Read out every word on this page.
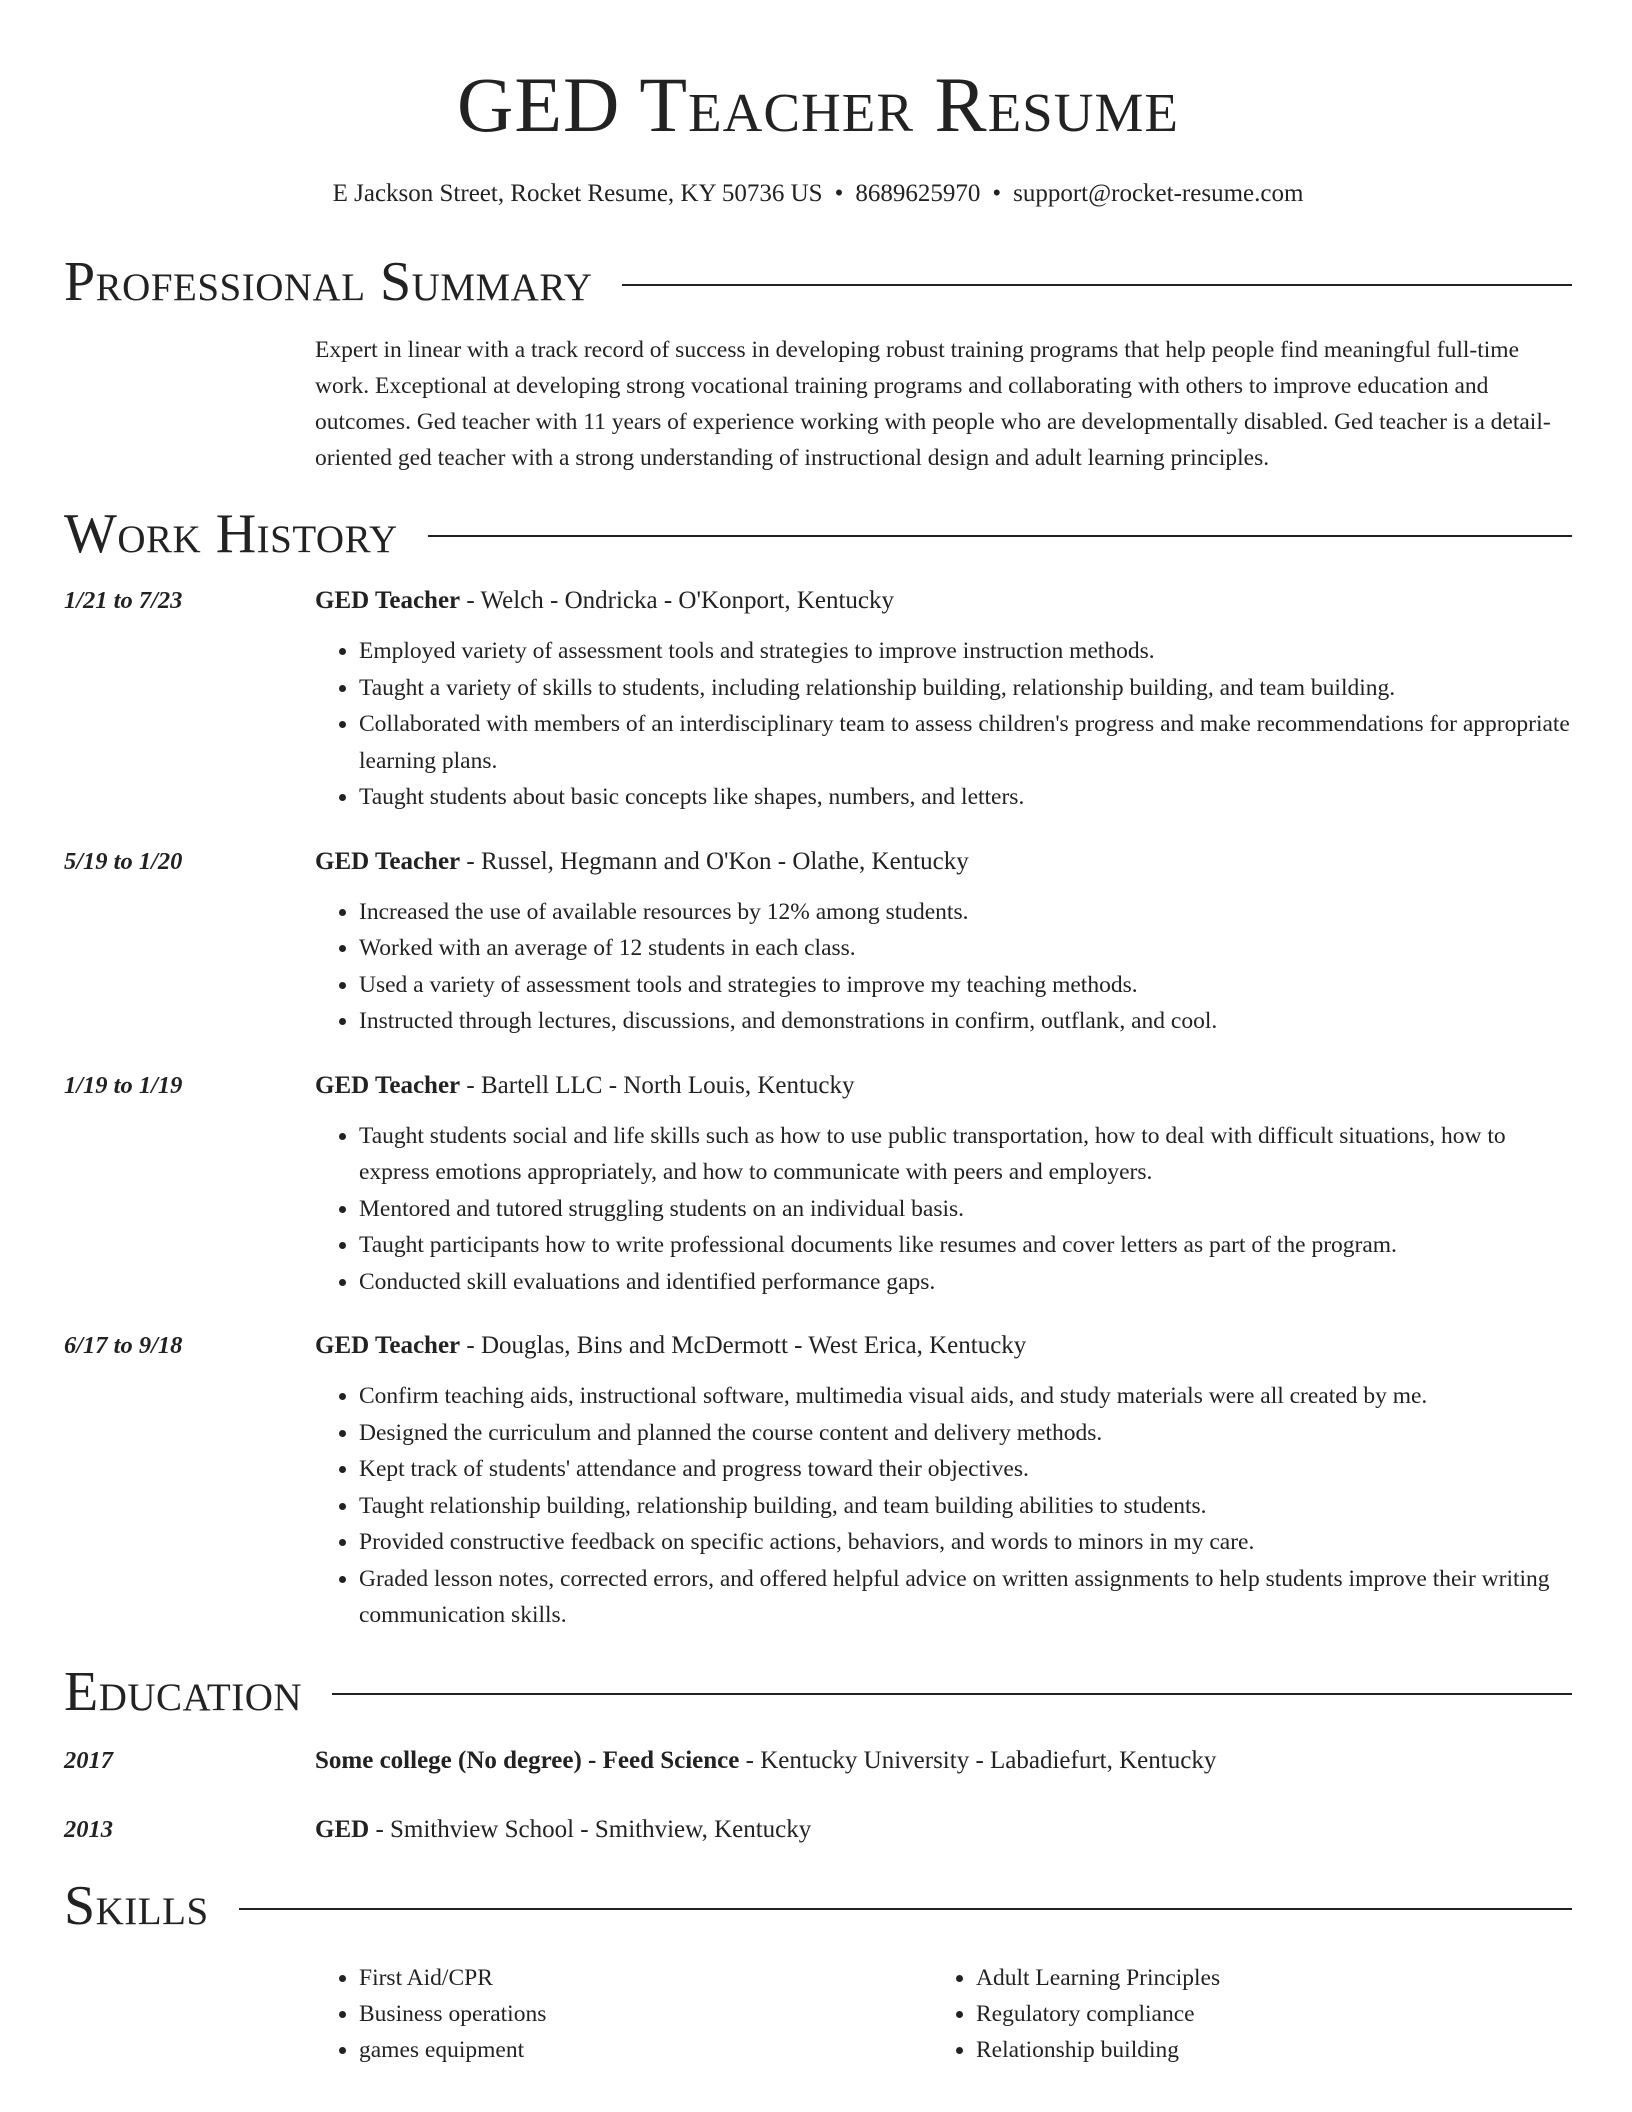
GED Teacher Resume
E Jackson Street, Rocket Resume, KY 50736 US • 8689625970 • support@rocket-resume.com
Professional Summary
Expert in linear with a track record of success in developing robust training programs that help people find meaningful full-time work. Exceptional at developing strong vocational training programs and collaborating with others to improve education and outcomes. Ged teacher with 11 years of experience working with people who are developmentally disabled. Ged teacher is a detail-oriented ged teacher with a strong understanding of instructional design and adult learning principles.
Work History
1/21 to 7/23	GED Teacher - Welch - Ondricka - O'Konport, Kentucky
• Employed variety of assessment tools and strategies to improve instruction methods.
• Taught a variety of skills to students, including relationship building, relationship building, and team building.
• Collaborated with members of an interdisciplinary team to assess children's progress and make recommendations for appropriate learning plans.
• Taught students about basic concepts like shapes, numbers, and letters.
5/19 to 1/20	GED Teacher - Russel, Hegmann and O'Kon - Olathe, Kentucky
• Increased the use of available resources by 12% among students.
• Worked with an average of 12 students in each class.
• Used a variety of assessment tools and strategies to improve my teaching methods.
• Instructed through lectures, discussions, and demonstrations in confirm, outflank, and cool.
1/19 to 1/19	GED Teacher - Bartell LLC - North Louis, Kentucky
• Taught students social and life skills such as how to use public transportation, how to deal with difficult situations, how to express emotions appropriately, and how to communicate with peers and employers.
• Mentored and tutored struggling students on an individual basis.
• Taught participants how to write professional documents like resumes and cover letters as part of the program.
• Conducted skill evaluations and identified performance gaps.
6/17 to 9/18	GED Teacher - Douglas, Bins and McDermott - West Erica, Kentucky
• Confirm teaching aids, instructional software, multimedia visual aids, and study materials were all created by me.
• Designed the curriculum and planned the course content and delivery methods.
• Kept track of students' attendance and progress toward their objectives.
• Taught relationship building, relationship building, and team building abilities to students.
• Provided constructive feedback on specific actions, behaviors, and words to minors in my care.
• Graded lesson notes, corrected errors, and offered helpful advice on written assignments to help students improve their writing communication skills.
Education
2017	Some college (No degree) - Feed Science - Kentucky University - Labadiefurt, Kentucky
2013	GED - Smithview School - Smithview, Kentucky
Skills
• First Aid/CPR
• Business operations
• games equipment
• Adult Learning Principles
• Regulatory compliance
• Relationship building
